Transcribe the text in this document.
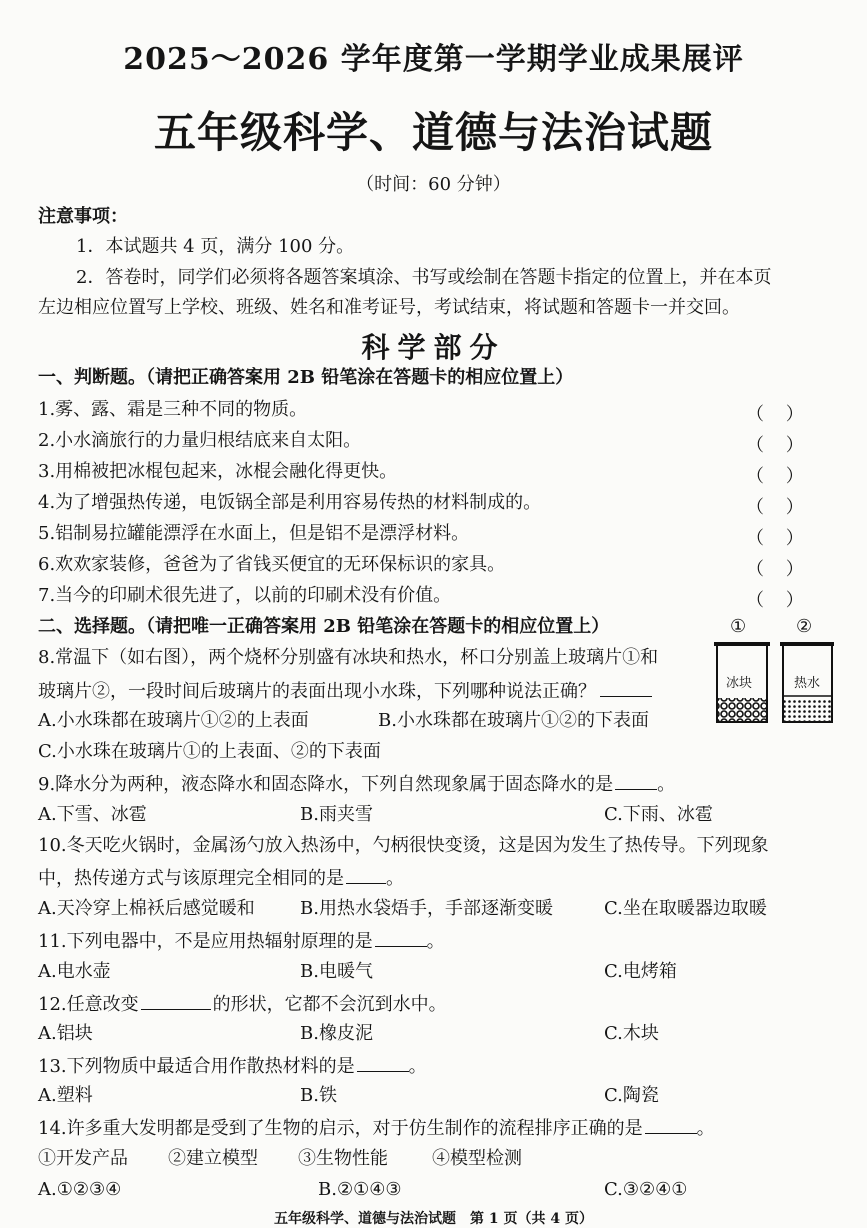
2025～2026 学年度第一学期学业成果展评
五年级科学、道德与法治试题
（时间：60 分钟）
注意事项：
1．本试题共 4 页，满分 100 分。
2．答卷时，同学们必须将各题答案填涂、书写或绘制在答题卡指定的位置上，并在本页
左边相应位置写上学校、班级、姓名和准考证号，考试结束，将试题和答题卡一并交回。
科学部分
一、判断题。（请把正确答案用 2B 铅笔涂在答题卡的相应位置上）
1.雾、露、霜是三种不同的物质。	（ ）
2.小水滴旅行的力量归根结底来自太阳。	（ ）
3.用棉被把冰棍包起来，冰棍会融化得更快。	（ ）
4.为了增强热传递，电饭锅全部是利用容易传热的材料制成的。	（ ）
5.铝制易拉罐能漂浮在水面上，但是铝不是漂浮材料。	（ ）
6.欢欢家装修，爸爸为了省钱买便宜的无环保标识的家具。	（ ）
7.当今的印刷术很先进了，以前的印刷术没有价值。	（ ）
二、选择题。（请把唯一正确答案用 2B 铅笔涂在答题卡的相应位置上）
8.常温下（如右图），两个烧杯分别盛有冰块和热水，杯口分别盖上玻璃片①和
玻璃片②，一段时间后玻璃片的表面出现小水珠，下列哪种说法正确？
A.小水珠都在玻璃片①②的上表面	B.小水珠都在玻璃片①②的下表面
C.小水珠在玻璃片①的上表面、②的下表面
①	②
冰块	热水
9.降水分为两种，液态降水和固态降水，下列自然现象属于固态降水的是 。
A.下雪、冰雹	B.雨夹雪	C.下雨、冰雹
10.冬天吃火锅时，金属汤勺放入热汤中，勺柄很快变烫，这是因为发生了热传导。下列现象
中，热传递方式与该原理完全相同的是 。
A.天冷穿上棉袄后感觉暖和	B.用热水袋焐手，手部逐渐变暖	C.坐在取暖器边取暖
11.下列电器中，不是应用热辐射原理的是	。
A.电水壶	B.电暖气	C.电烤箱
12.任意改变	的形状，它都不会沉到水中。
A.铝块	B.橡皮泥	C.木块
13.下列物质中最适合用作散热材料的是	。
A.塑料	B.铁	C.陶瓷
14.许多重大发明都是受到了生物的启示，对于仿生制作的流程排序正确的是	。
①开发产品 ②建立模型 ③生物性能 ④模型检测
A.①②③④	B.②①④③	C.③②④①
五年级科学、道德与法治试题　第 1 页（共 4 页）
